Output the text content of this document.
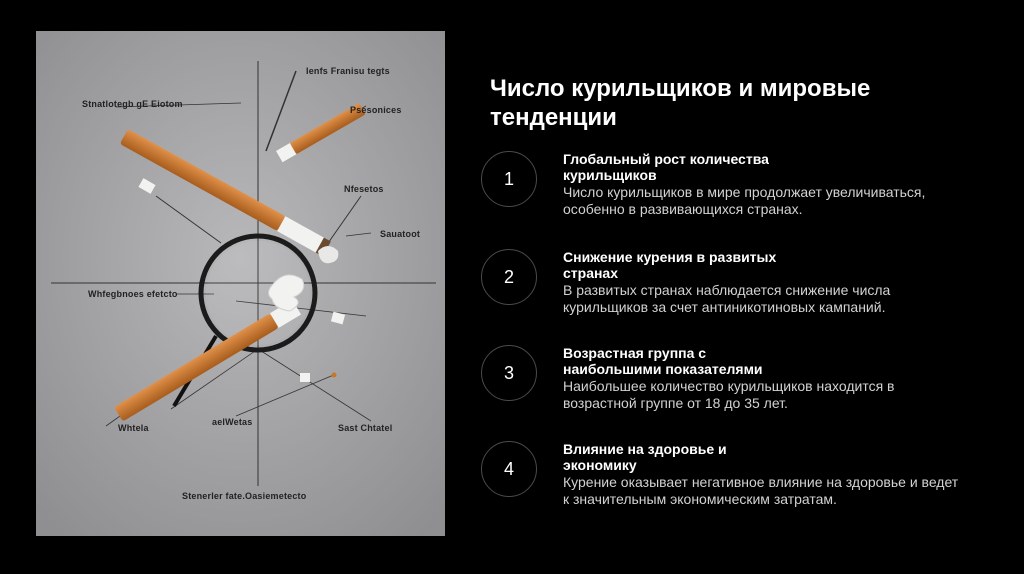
Ienfs Franisu tegts
Stnatlotegb gE Eiotom
Psesonices
Nfesetos
Sauatoot
Whfegbnoes efetcto
Whtela
aelWetas
Sast Chtatel
Stenerler fate.Oasiemetecto
Число курильщиков и мировые тенденции
1
Глобальный рост количества курильщиков
Число курильщиков в мире продолжает увеличиваться, особенно в развивающихся странах.
2
Снижение курения в развитых странах
В развитых странах наблюдается снижение числа курильщиков за счет антиникотиновых кампаний.
3
Возрастная группа с наибольшими показателями
Наибольшее количество курильщиков находится в возрастной группе от 18 до 35 лет.
4
Влияние на здоровье и экономику
Курение оказывает негативное влияние на здоровье и ведет к значительным экономическим затратам.
